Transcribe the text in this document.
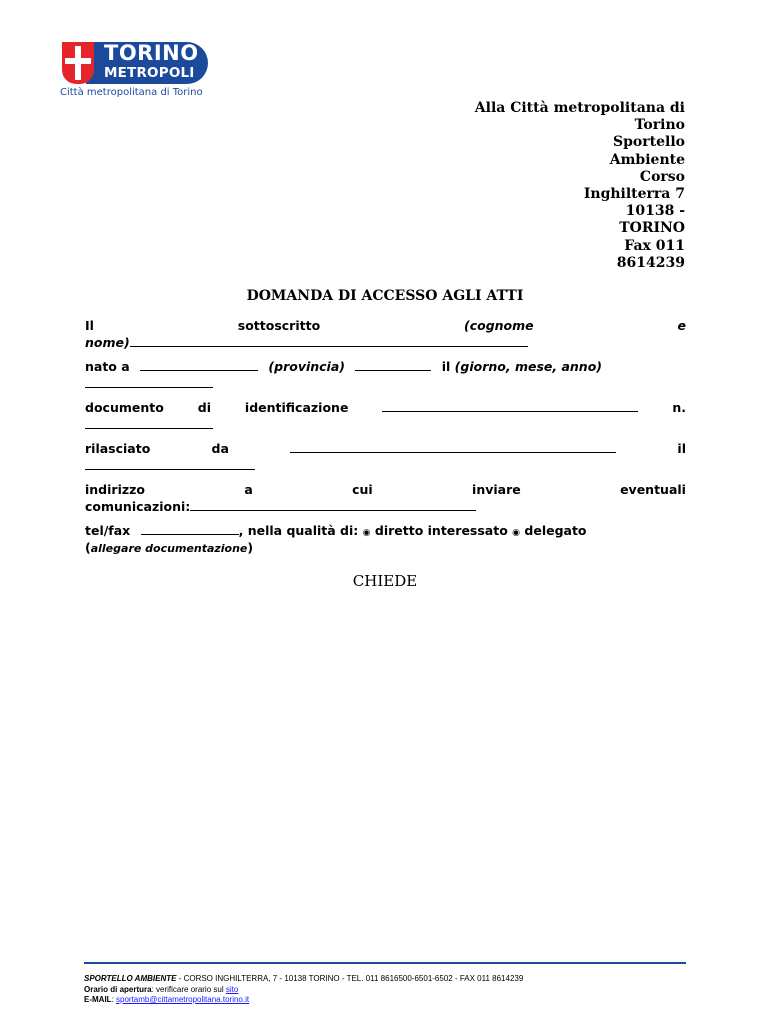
TORINO
METROPOLI
Città metropolitana di Torino
Alla Città metropolitana di
Torino
Sportello
Ambiente
Corso
Inghilterra 7
10138 -
TORINO
Fax 011
8614239
DOMANDA DI ACCESSO AGLI ATTI
Il	sottoscritto	(cognome	e
nome)
nato a	(provincia)	il (giorno, mese, anno)
documento	di	identificazione	n.
rilasciato	da	il
indirizzo	a	cui	inviare	eventuali
comunicazioni:
tel/fax	, nella qualità di: ◉ diretto interessato ◉ delegato
(allegare documentazione)
CHIEDE
SPORTELLO AMBIENTE - CORSO INGHILTERRA, 7 - 10138 TORINO - TEL. 011 8616500-6501-6502 - FAX 011 8614239
Orario di apertura: verificare orario sul sito
E-MAIL: sportamb@cittametropolitana.torino.it
